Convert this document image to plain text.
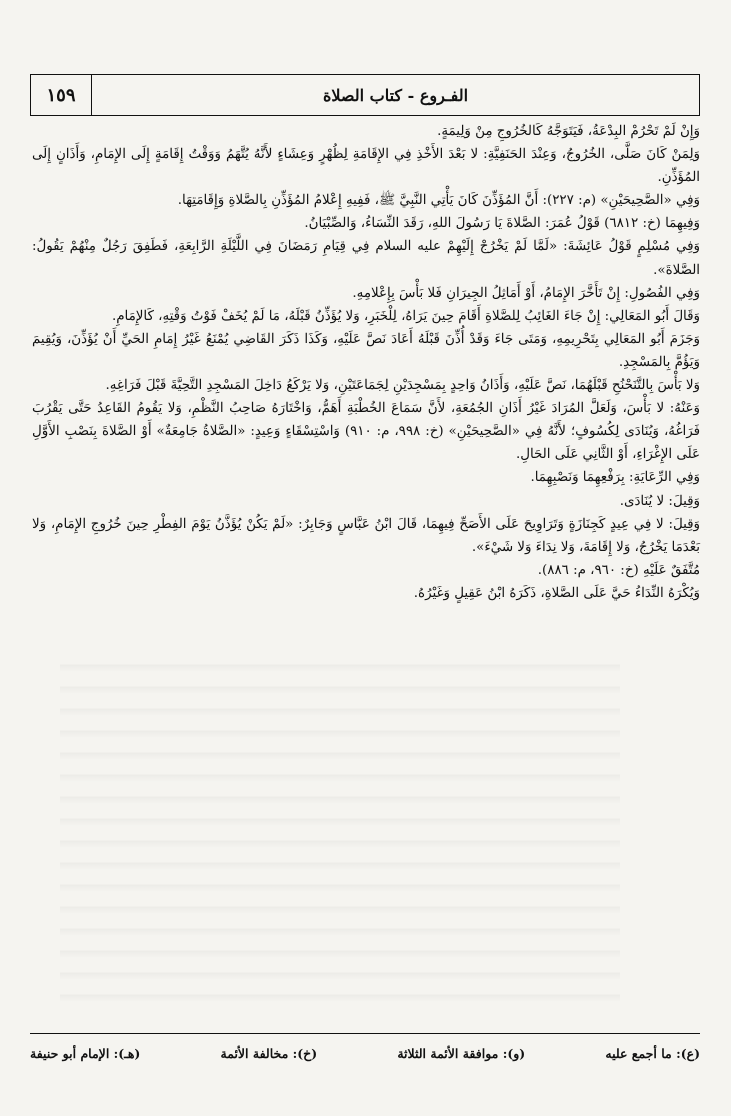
١٥٩	الفـروع - كتاب الصلاة

وَإِنْ لَمْ تَحْرُمْ البِدْعَةُ، فَيَتَوَجَّهُ كَالخُرُوجِ مِنْ وَلِيمَةٍ.

وَلِمَنْ كَانَ صَلَّى، الخُرُوجُ، وَعِنْدَ الحَنَفِيَّةِ: لا بَعْدَ الأَخْذِ فِي الإِقَامَةِ لِظُهْرٍ وَعِشَاءٍ لأَنَّهُ يُتَّهَمُ وَوَقْتُ إِقَامَةٍ إِلَى الإِمَامِ، وَأَذَانٍ إِلَى المُؤَذِّنِ.

وَفِي «الصَّحِيحَيْنِ» (م: ٢٢٧): أَنَّ المُؤَذِّنَ كَانَ يَأْتِي النَّبِيَّ ﷺ، فَفِيهِ إِعْلامُ المُؤَذِّنِ بِالصَّلاةِ وَإِقَامَتِهَا.

وَفِيهِمَا (خ: ٦٨١٢) قَوْلُ عُمَرَ: الصَّلاةَ يَا رَسُولَ اللهِ، رَقَدَ النِّسَاءُ، وَالصِّبْيَانُ.

وَفِي مُسْلِمٍ قَوْلُ عَائِشَةَ: «لَمَّا لَمْ يَخْرُجْ إِلَيْهِمْ عليه السلام فِي قِيَامِ رَمَضَانَ فِي اللَّيْلَةِ الرَّابِعَةِ، فَطَفِقَ رَجُلٌ مِنْهُمْ يَقُولُ: الصَّلاةَ».

وَفِي الفُصُولِ: إِنْ تَأَخَّرَ الإِمَامُ، أَوْ أَمَاثِلُ الجِيرَانِ فَلا بَأْسَ بِإِعْلامِهِ.

وَقَالَ أَبُو المَعَالِي: إِنْ جَاءَ الغَائِبُ لِلصَّلاةِ أَقَامَ حِينَ يَرَاهُ، لِلْخَبَرِ، وَلا يُؤَذِّنُ قَبْلَهُ، مَا لَمْ يُخَفْ فَوْتُ وَقْتِهِ، كَالإِمَامِ.

وَجَزَمَ أَبُو المَعَالِي بِتَحْرِيمِهِ، وَمَتَى جَاءَ وَقَدْ أُذِّنَ قَبْلَهُ أَعَادَ نَصَّ عَلَيْهِ، وَكَذَا ذَكَرَ القَاضِي يُمْنَعُ غَيْرُ إِمَامِ الحَيِّ أَنْ يُؤَذِّنَ، وَيُقِيمَ وَيَؤُمَّ بِالمَسْجِدِ.

وَلا بَأْسَ بِالتَّنَحْنُحِ قَبْلَهُمَا، نَصَّ عَلَيْهِ، وَأَذَانُ وَاحِدٍ بِمَسْجِدَيْنِ لِجَمَاعَتَيْنِ، وَلا يَرْكَعُ دَاخِلَ المَسْجِدِ التَّحِيَّةَ قَبْلَ فَرَاغِهِ.

وَعَنْهُ: لا بَأْسَ، وَلَعَلَّ المُرَادَ غَيْرُ أَذَانِ الجُمُعَةِ، لأَنَّ سَمَاعَ الخُطْبَةِ أَهَمُّ، وَاخْتَارَهُ صَاحِبُ النَّظْمِ، وَلا يَقُومُ القَاعِدُ حَتَّى يَقْرُبَ فَرَاغُهُ، وَيُنَادَى لِكُسُوفٍ؛ لأَنَّهُ فِي «الصَّحِيحَيْنِ» (خ: ٩٩٨، م: ٩١٠) وَاسْتِسْقَاءٍ وَعِيدٍ: «الصَّلاةُ جَامِعَةٌ» أَوْ الصَّلاةَ بِنَصْبِ الأَوَّلِ عَلَى الإِغْرَاءِ، أَوْ الثَّانِي عَلَى الحَالِ.

وَفِي الرِّعَايَةِ: بِرَفْعِهِمَا وَنَصْبِهِمَا.

وَقِيلَ: لا يُنَادَى.

وَقِيلَ: لا فِي عِيدٍ كَجِنَازَةٍ وَتَرَاوِيحَ عَلَى الأَصَحِّ فِيهِمَا، قَالَ ابْنُ عَبَّاسٍ وَجَابِرٌ: «لَمْ يَكُنْ يُؤَذَّنُ يَوْمَ الفِطْرِ حِينَ خُرُوجِ الإِمَامِ، وَلا بَعْدَمَا يَخْرُجُ، وَلا إِقَامَةَ، وَلا نِدَاءَ وَلا شَيْءَ».

مُتَّفَقٌ عَلَيْهِ (خ: ٩٦٠، م: ٨٨٦).

وَيُكْرَهُ النِّدَاءُ حَيَّ عَلَى الصَّلاةِ، ذَكَرَهُ ابْنُ عَقِيلٍ وَغَيْرُهُ.

(ع): ما أجمع عليه
(و): موافقة الأئمة الثلاثة
(خ): مخالفة الأئمة
(هـ): الإمام أبو حنيفة
